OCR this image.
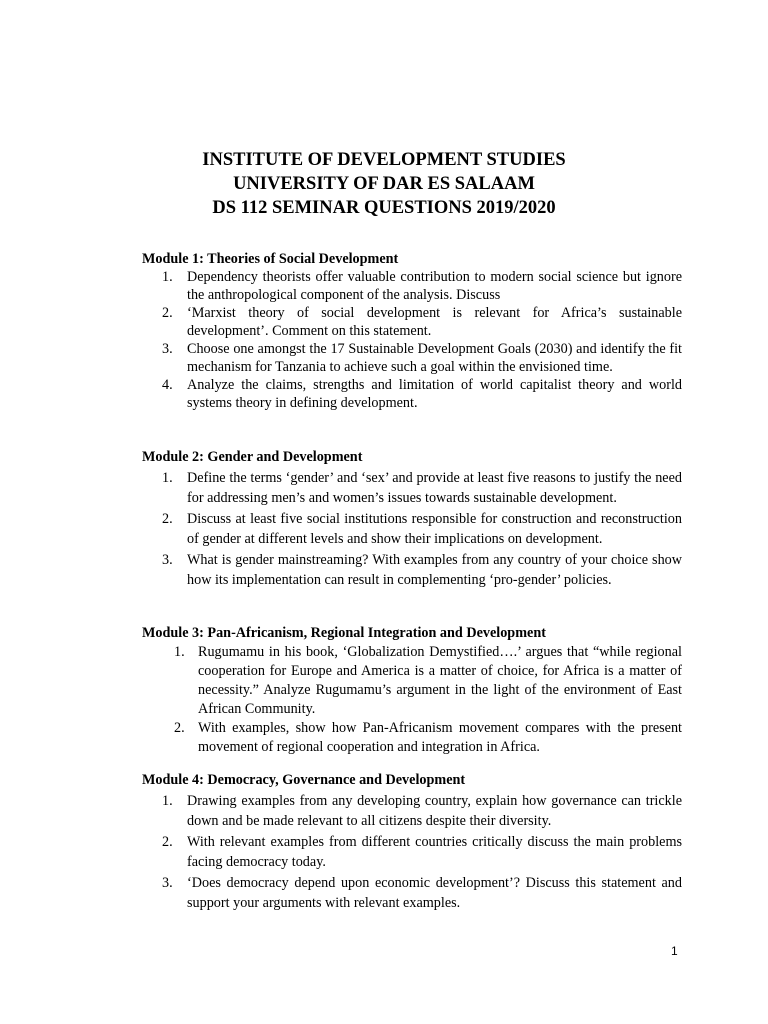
INSTITUTE OF DEVELOPMENT STUDIES
UNIVERSITY OF DAR ES SALAAM
DS 112 SEMINAR QUESTIONS 2019/2020

Module 1: Theories of Social Development

1. Dependency theorists offer valuable contribution to modern social science but ignore the anthropological component of the analysis. Discuss
2. ‘Marxist theory of social development is relevant for Africa’s sustainable development’. Comment on this statement.
3. Choose one amongst the 17 Sustainable Development Goals (2030) and identify the fit mechanism for Tanzania to achieve such a goal within the envisioned time.
4. Analyze the claims, strengths and limitation of world capitalist theory and world systems theory in defining development.

Module 2: Gender and Development

1. Define the terms ‘gender’ and ‘sex’ and provide at least five reasons to justify the need for addressing men’s and women’s issues towards sustainable development.
2. Discuss at least five social institutions responsible for construction and reconstruction of gender at different levels and show their implications on development.
3. What is gender mainstreaming? With examples from any country of your choice show how its implementation can result in complementing ‘pro-gender’ policies.

Module 3: Pan-Africanism, Regional Integration and Development

1. Rugumamu in his book, ‘Globalization Demystified….’ argues that “while regional cooperation for Europe and America is a matter of choice, for Africa is a matter of necessity.” Analyze Rugumamu’s argument in the light of the environment of East African Community.
2. With examples, show how Pan-Africanism movement compares with the present movement of regional cooperation and integration in Africa.

Module 4: Democracy, Governance and Development

1. Drawing examples from any developing country, explain how governance can trickle down and be made relevant to all citizens despite their diversity.
2. With relevant examples from different countries critically discuss the main problems facing democracy today.
3. ‘Does democracy depend upon economic development’? Discuss this statement and support your arguments with relevant examples.
1
